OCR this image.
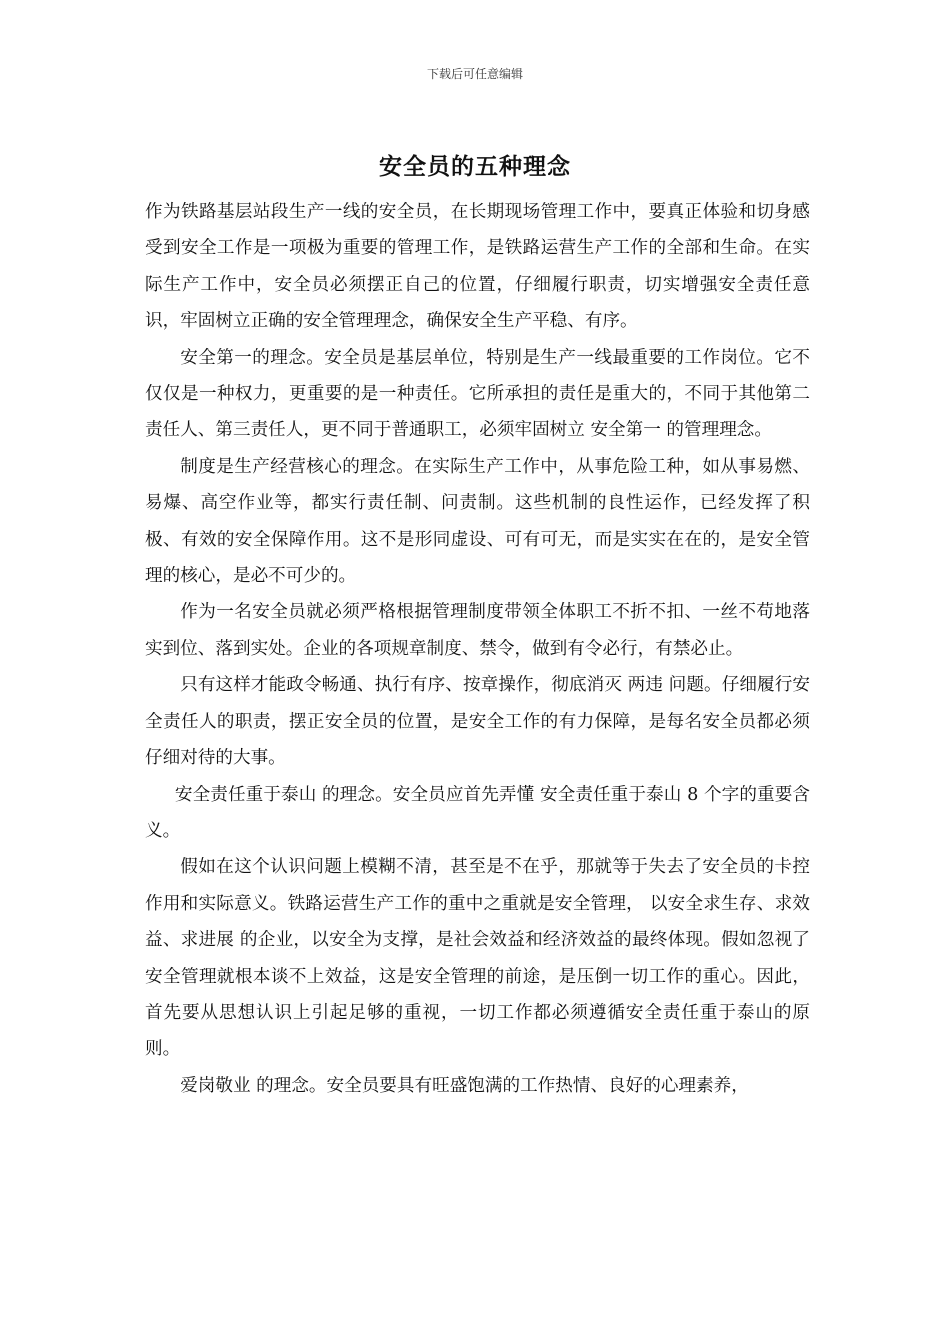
下载后可任意编辑
安全员的五种理念

作为铁路基层站段生产一线的安全员，在长期现场管理工作中，要真正体验和切身感受到安全工作是一项极为重要的管理工作，是铁路运营生产工作的全部和生命。在实际生产工作中，安全员必须摆正自己的位置，仔细履行职责，切实增强安全责任意识，牢固树立正确的安全管理理念，确保安全生产平稳、有序。

安全第一的理念。安全员是基层单位，特别是生产一线最重要的工作岗位。它不仅仅是一种权力，更重要的是一种责任。它所承担的责任是重大的，不同于其他第二责任人、第三责任人，更不同于普通职工，必须牢固树立 安全第一 的管理理念。

制度是生产经营核心的理念。在实际生产工作中，从事危险工种，如从事易燃、易爆、高空作业等，都实行责任制、问责制。这些机制的良性运作，已经发挥了积极、有效的安全保障作用。这不是形同虚设、可有可无，而是实实在在的，是安全管理的核心，是必不可少的。

作为一名安全员就必须严格根据管理制度带领全体职工不折不扣、一丝不苟地落实到位、落到实处。企业的各项规章制度、禁令，做到有令必行，有禁必止。

只有这样才能政令畅通、执行有序、按章操作，彻底消灭 两违 问题。仔细履行安全责任人的职责，摆正安全员的位置，是安全工作的有力保障，是每名安全员都必须仔细对待的大事。

安全责任重于泰山 的理念。安全员应首先弄懂 安全责任重于泰山 8 个字的重要含义。

假如在这个认识问题上模糊不清，甚至是不在乎，那就等于失去了安全员的卡控作用和实际意义。铁路运营生产工作的重中之重就是安全管理， 以安全求生存、求效益、求进展 的企业，以安全为支撑，是社会效益和经济效益的最终体现。假如忽视了安全管理就根本谈不上效益，这是安全管理的前途，是压倒一切工作的重心。因此，首先要从思想认识上引起足够的重视，一切工作都必须遵循安全责任重于泰山的原则。

爱岗敬业 的理念。安全员要具有旺盛饱满的工作热情、良好的心理素养，
